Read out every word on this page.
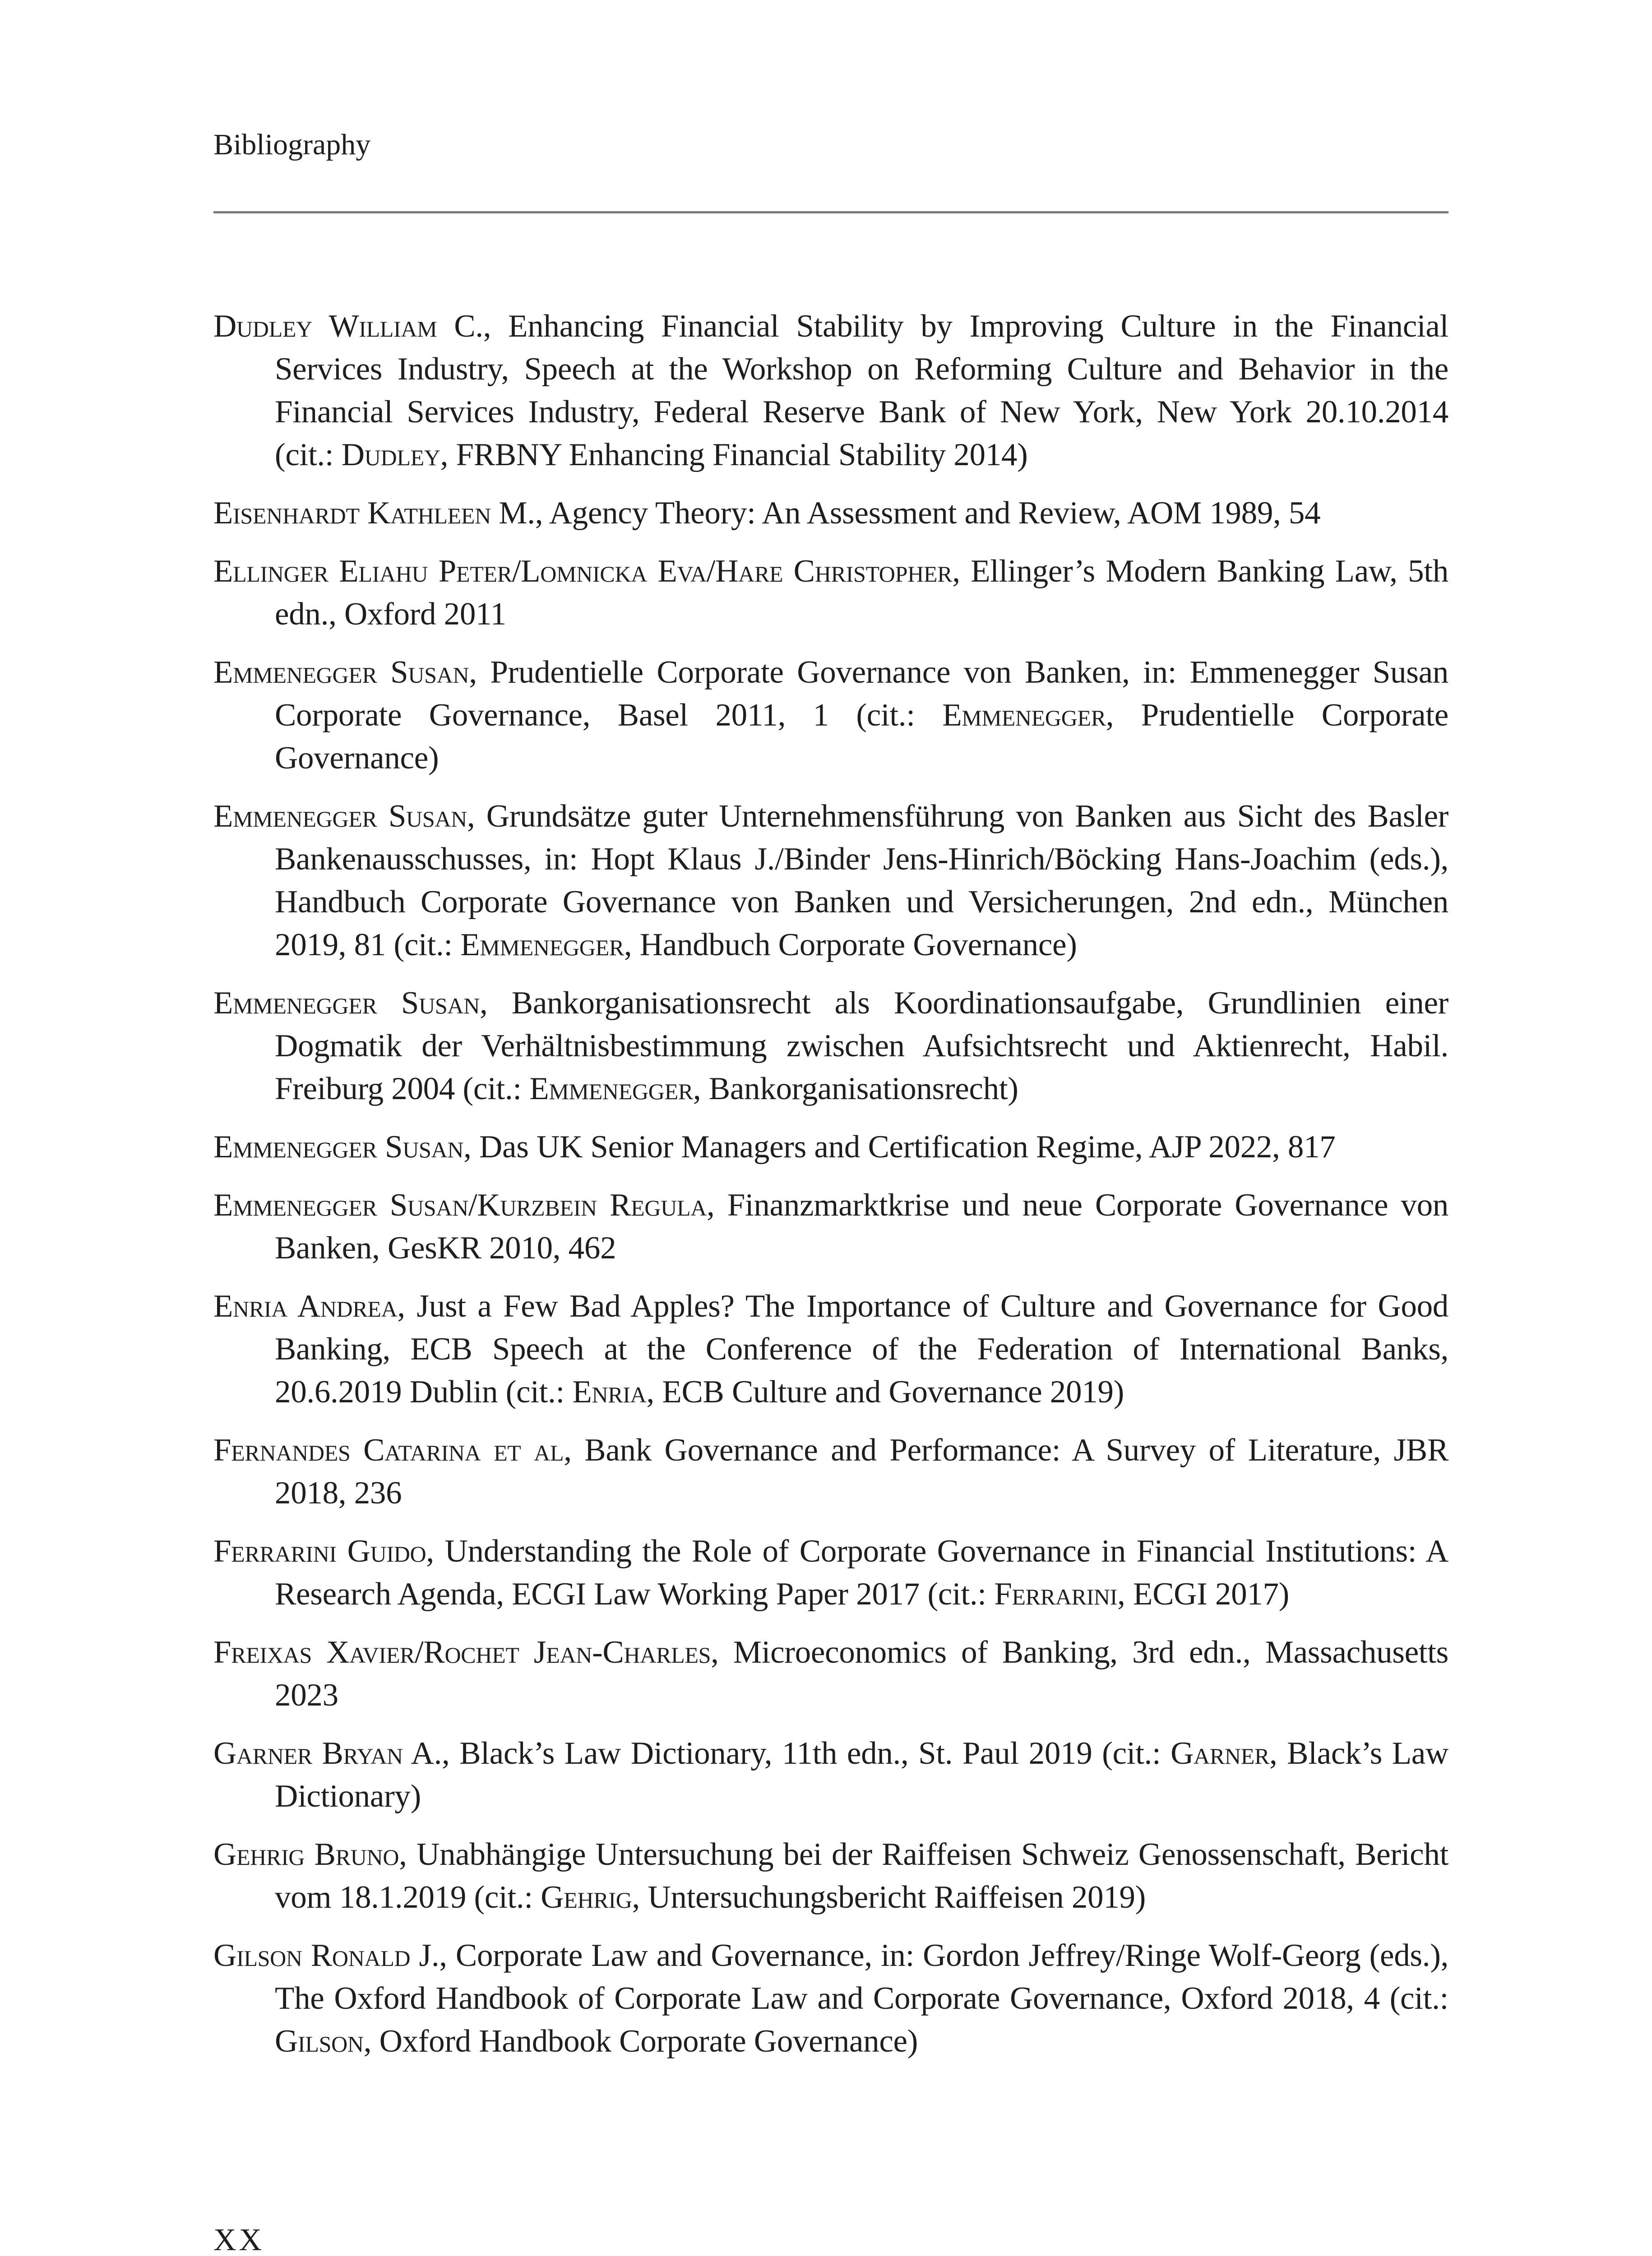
Bibliography

Dudley William C., Enhancing Financial Stability by Improving Culture in the Financial Services Industry, Speech at the Workshop on Reforming Culture and Behavior in the Financial Services Industry, Federal Reserve Bank of New York, New York 20.10.2014 (cit.: Dudley, FRBNY Enhancing Financial Stability 2014)

Eisenhardt Kathleen M., Agency Theory: An Assessment and Review, AOM 1989, 54

Ellinger Eliahu Peter/Lomnicka Eva/Hare Christopher, Ellinger’s Modern Banking Law, 5th edn., Oxford 2011

Emmenegger Susan, Prudentielle Corporate Governance von Banken, in: Emmenegger Susan Corporate Governance, Basel 2011, 1 (cit.: Emmenegger, Prudentielle Corporate Governance)

Emmenegger Susan, Grundsätze guter Unternehmensführung von Banken aus Sicht des Basler Bankenausschusses, in: Hopt Klaus J./Binder Jens-Hinrich/Böcking Hans-Joachim (eds.), Handbuch Corporate Governance von Banken und Versicherungen, 2nd edn., München 2019, 81 (cit.: Emmenegger, Handbuch Corporate Governance)

Emmenegger Susan, Bankorganisationsrecht als Koordinationsaufgabe, Grundlinien einer Dogmatik der Verhältnisbestimmung zwischen Aufsichtsrecht und Aktienrecht, Habil. Freiburg 2004 (cit.: Emmenegger, Bankorganisationsrecht)

Emmenegger Susan, Das UK Senior Managers and Certification Regime, AJP 2022, 817

Emmenegger Susan/Kurzbein Regula, Finanzmarktkrise und neue Corporate Governance von Banken, GesKR 2010, 462

Enria Andrea, Just a Few Bad Apples? The Importance of Culture and Governance for Good Banking, ECB Speech at the Conference of the Federation of International Banks, 20.6.2019 Dublin (cit.: Enria, ECB Culture and Governance 2019)

Fernandes Catarina et al, Bank Governance and Performance: A Survey of Literature, JBR 2018, 236

Ferrarini Guido, Understanding the Role of Corporate Governance in Financial Institutions: A Research Agenda, ECGI Law Working Paper 2017 (cit.: Ferrarini, ECGI 2017)

Freixas Xavier/Rochet Jean-Charles, Microeconomics of Banking, 3rd edn., Massachusetts 2023

Garner Bryan A., Black’s Law Dictionary, 11th edn., St. Paul 2019 (cit.: Garner, Black’s Law Dictionary)

Gehrig Bruno, Unabhängige Untersuchung bei der Raiffeisen Schweiz Genossenschaft, Bericht vom 18.1.2019 (cit.: Gehrig, Untersuchungsbericht Raiffeisen 2019)

Gilson Ronald J., Corporate Law and Governance, in: Gordon Jeffrey/Ringe Wolf-Georg (eds.), The Oxford Handbook of Corporate Law and Corporate Governance, Oxford 2018, 4 (cit.: Gilson, Oxford Handbook Corporate Governance)

XX
